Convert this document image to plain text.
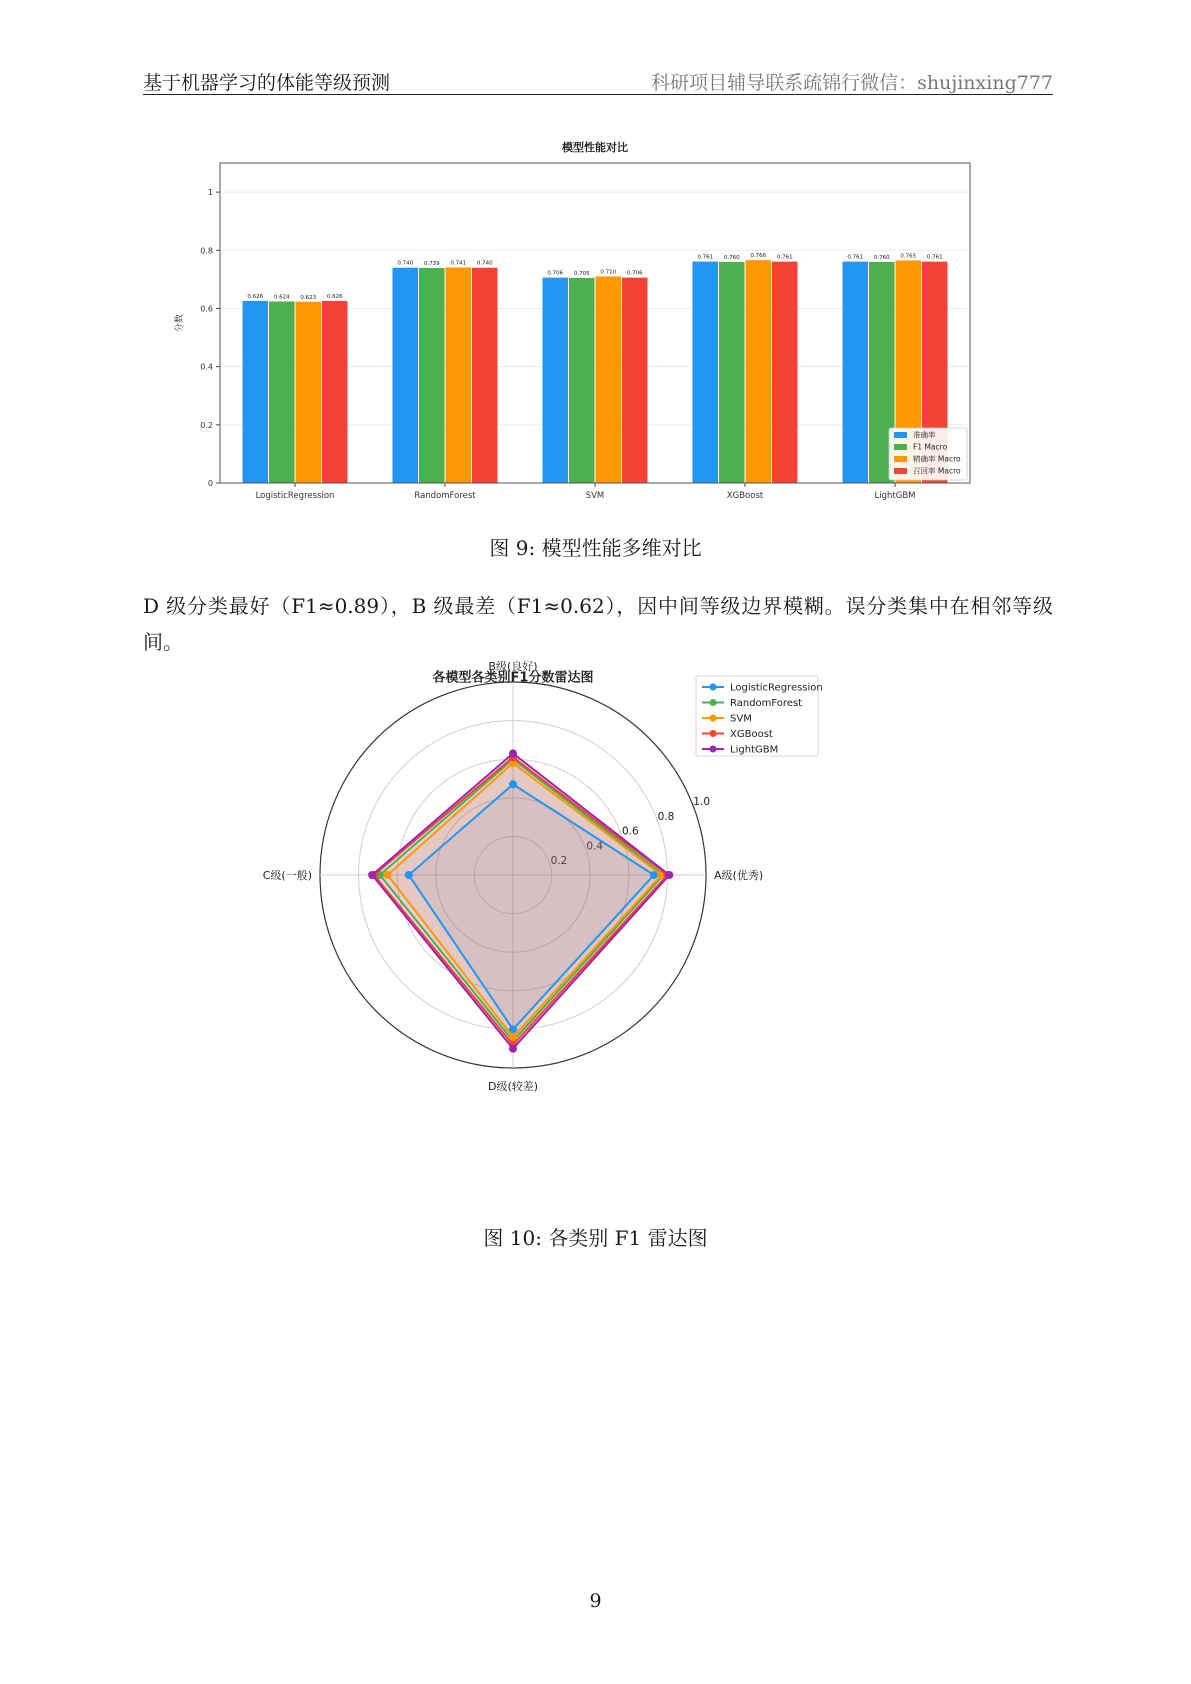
基于机器学习的体能等级预测	科研项目辅导联系疏锦行微信：shujinxing777
模型性能对比
0
0.2
0.4
0.6
0.8
1
分数
0.626 0.624 0.623 0.626
LogisticRegression
0.740 0.739 0.741 0.740
RandomForest
0.706 0.705 0.710 0.706
SVM
0.761 0.760 0.766 0.761
XGBoost
0.761 0.760 0.765 0.761
LightGBM
准确率
F1 Macro
精确率 Macro
召回率 Macro
图 9: 模型性能多维对比
D 级分类最好（F1≈0.89），B 级最差（F1≈0.62），因中间等级边界模糊。误分类集中在相邻等级间。
各模型各类别F1分数雷达图
0.2
0.4
0.6
0.8
1.0
A级(优秀)
B级(良好)
C级(一般)
D级(较差)
LogisticRegression
RandomForest
SVM
XGBoost
LightGBM
图 10: 各类别 F1 雷达图
9
